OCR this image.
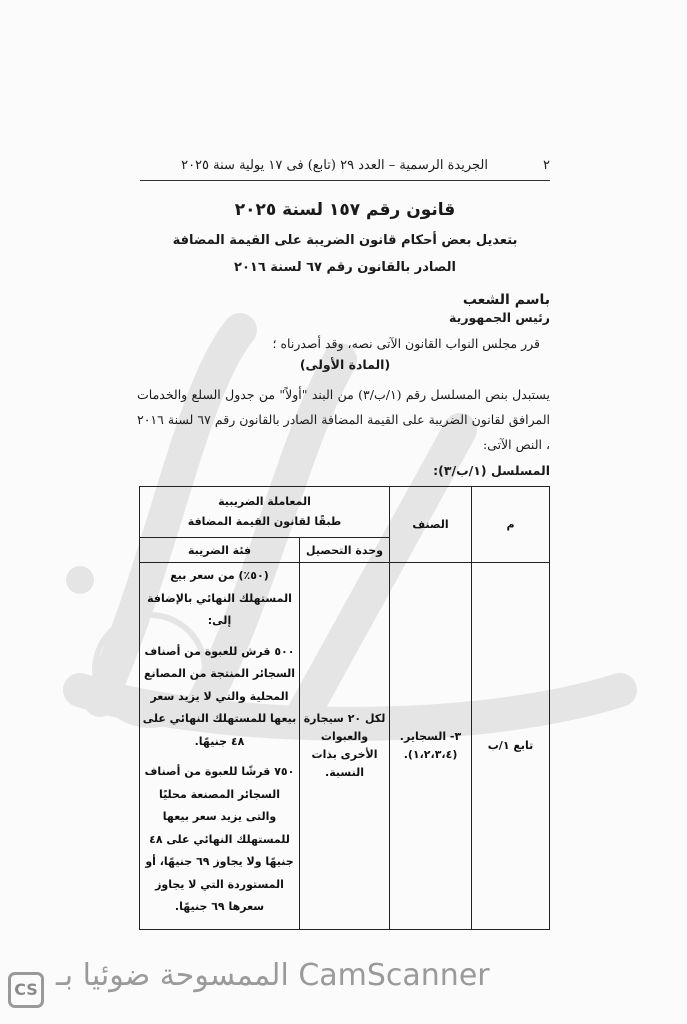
٢
الجريدة الرسمية – العدد ٢٩ (تابع) فى ١٧ يولية سنة ٢٠٢٥
قانون رقم ١٥٧ لسنة ٢٠٢٥
بتعديل بعض أحكام قانون الضريبة على القيمة المضافة
الصادر بالقانون رقم ٦٧ لسنة ٢٠١٦
باسم الشعب
رئيس الجمهورية
قرر مجلس النواب القانون الآتى نصه، وقد أصدرناه ؛
(المادة الأولى)
يستبدل بنص المسلسل رقم (١/ب/٣) من البند "أولاً" من جدول السلع والخدمات المرافق لقانون الضريبة على القيمة المضافة الصادر بالقانون رقم ٦٧ لسنة ٢٠١٦ ، النص الآتى:
المسلسل (١/ب/٣):
م	الصنف	المعاملة الضريبية
طبقًا لقانون القيمة المضافة	

		وحدة التحصيل	فئة الضريبة
تابع ١/ب	٣- السجاير. (١،٢،٣،٤).	لكل ٢٠ سيجارة والعبوات الأخرى بذات النسبة.	(٥٠٪) من سعر بيع المستهلك النهائي بالإضافة إلى:

٥٠٠ قرش للعبوة من أصناف السجائر المنتجة من المصانع المحلية والتي لا يزيد سعر بيعها للمستهلك النهائي على ٤٨ جنيهًا.

٧٥٠ قرشًا للعبوة من أصناف السجائر المصنعة محليًا والتى يزيد سعر بيعها للمستهلك النهائي على ٤٨ جنيهًا ولا يجاوز ٦٩ جنيهًا، أو المستوردة التي لا يجاوز سعرها ٦٩ جنيهًا.

CS الممسوحة ضوئيا بـ CamScanner
